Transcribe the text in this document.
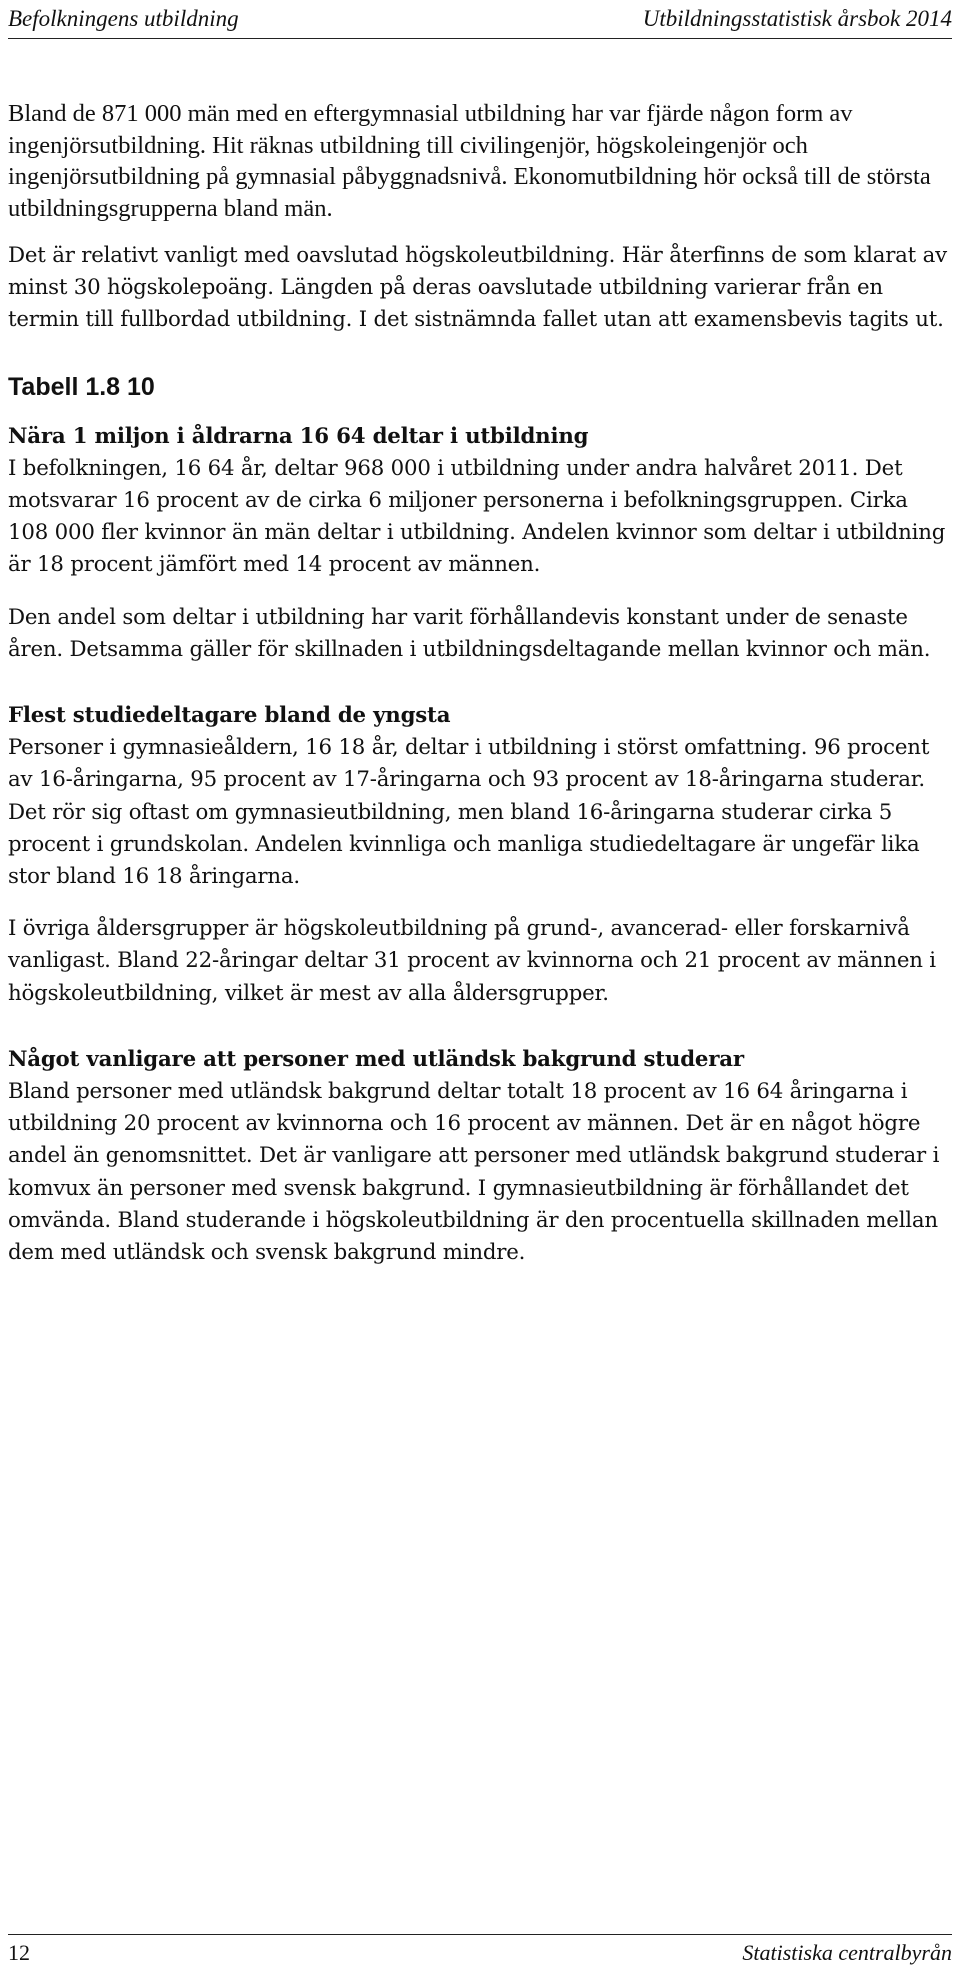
Befolkningens utbildning	Utbildningsstatistisk årsbok 2014

Bland de 871 000 män med en eftergymnasial utbildning har var fjärde någon form av ingenjörsutbildning. Hit räknas utbildning till civilingenjör, högskoleingenjör och ingenjörsutbildning på gymnasial påbyggnadsnivå. Ekonomutbildning hör också till de största utbildningsgrupperna bland män.

Det är relativt vanligt med oavslutad högskoleutbildning. Här återfinns de som klarat av minst 30 högskolepoäng. Längden på deras oavslutade utbildning varierar från en termin till fullbordad utbildning. I det sistnämnda fallet utan att examensbevis tagits ut.

Tabell 1.8 10
Nära 1 miljon i åldrarna 16 64 deltar i utbildning

I befolkningen, 16 64 år, deltar 968 000 i utbildning under andra halvåret 2011. Det motsvarar 16 procent av de cirka 6 miljoner personerna i befolkningsgruppen. Cirka 108 000 fler kvinnor än män deltar i utbildning. Andelen kvinnor som deltar i utbildning är 18 procent jämfört med 14 procent av männen.

Den andel som deltar i utbildning har varit förhållandevis konstant under de senaste åren. Detsamma gäller för skillnaden i utbildningsdeltagande mellan kvinnor och män.

Flest studiedeltagare bland de yngsta

Personer i gymnasieåldern, 16 18 år, deltar i utbildning i störst omfattning. 96 procent av 16-åringarna, 95 procent av 17-åringarna och 93 procent av 18-åringarna studerar. Det rör sig oftast om gymnasieutbildning, men bland 16-åringarna studerar cirka 5 procent i grundskolan. Andelen kvinnliga och manliga studiedeltagare är ungefär lika stor bland 16 18 åringarna.

I övriga åldersgrupper är högskoleutbildning på grund-, avancerad- eller forskarnivå vanligast. Bland 22-åringar deltar 31 procent av kvinnorna och 21 procent av männen i högskoleutbildning, vilket är mest av alla åldersgrupper.

Något vanligare att personer med utländsk bakgrund studerar

Bland personer med utländsk bakgrund deltar totalt 18 procent av 16 64 åringarna i utbildning 20 procent av kvinnorna och 16 procent av männen. Det är en något högre andel än genomsnittet. Det är vanligare att personer med utländsk bakgrund studerar i komvux än personer med svensk bakgrund. I gymnasieutbildning är förhållandet det omvända. Bland studerande i högskoleutbildning är den procentuella skillnaden mellan dem med utländsk och svensk bakgrund mindre.

12	Statistiska centralbyrån
